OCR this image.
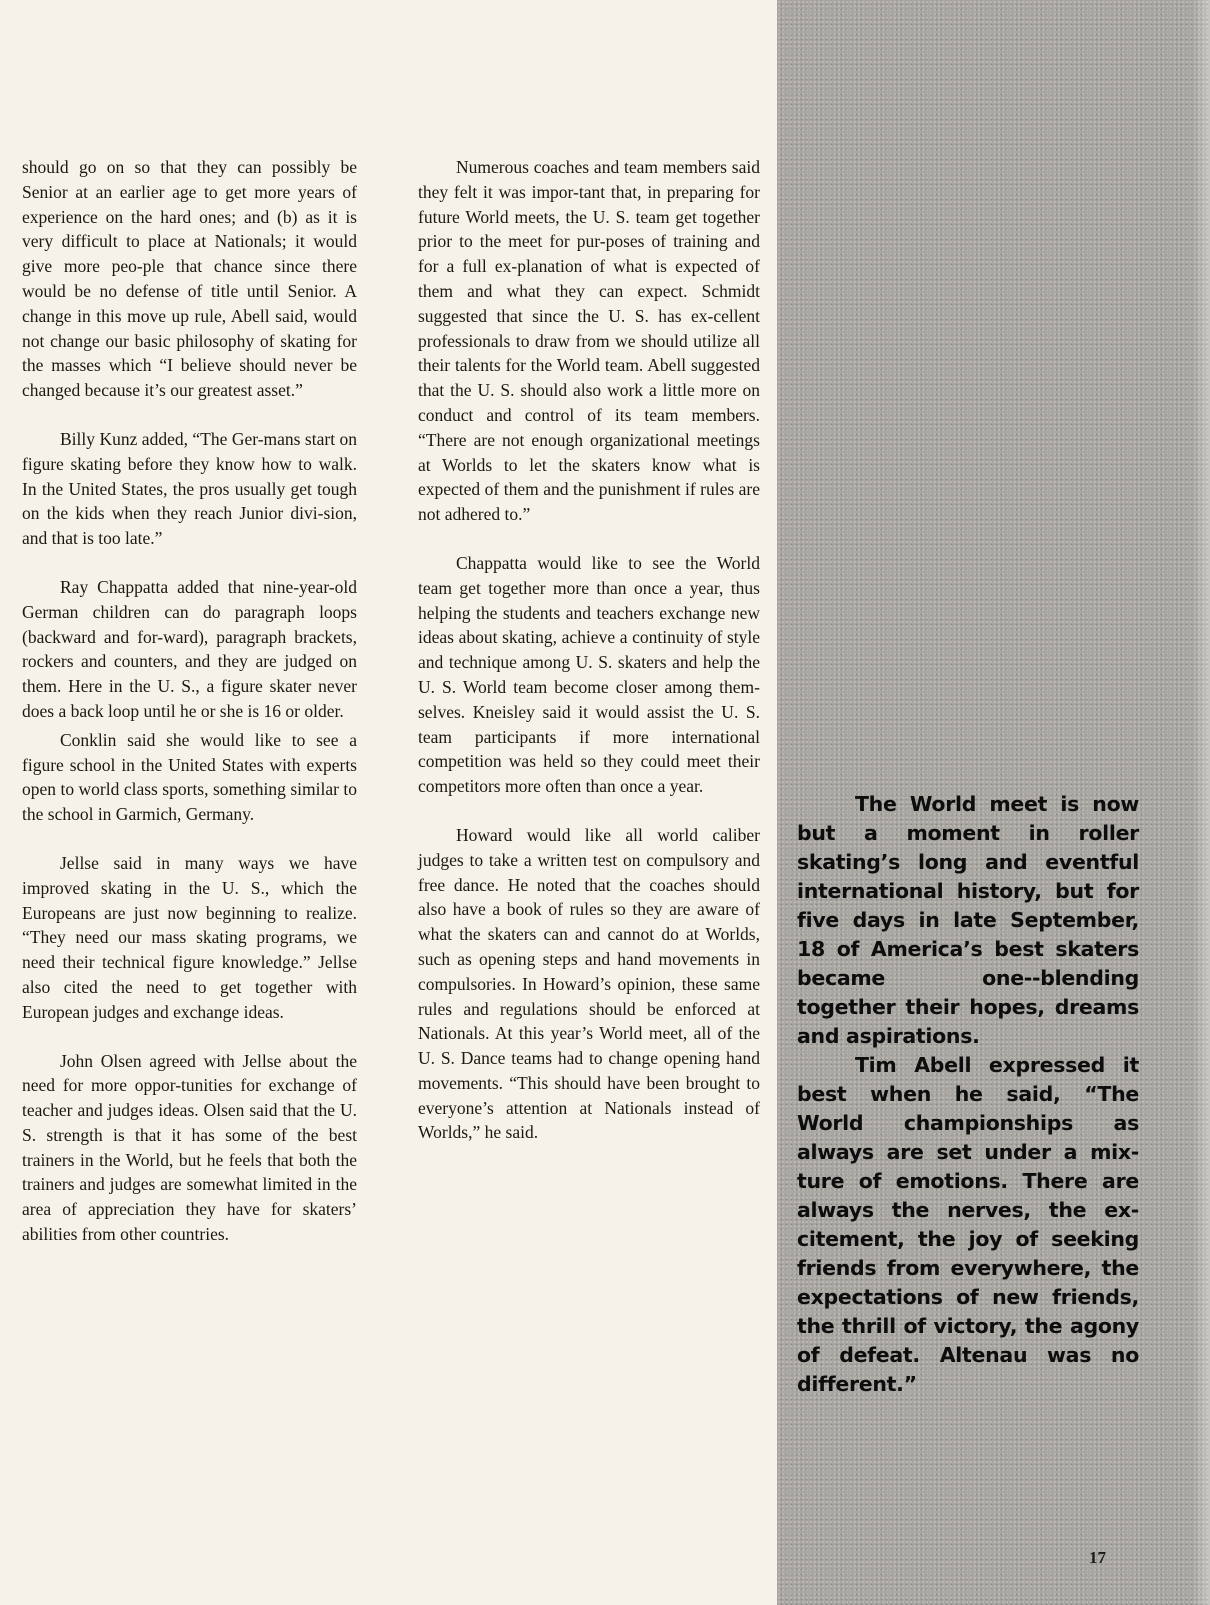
should go on so that they can possibly be Senior at an earlier age to get more years of experience on the hard ones; and (b) as it is very difficult to place at Nationals; it would give more peo-ple that chance since there would be no defense of title until Senior. A change in this move up rule, Abell said, would not change our basic philosophy of skating for the masses which “I believe should never be changed because it’s our greatest asset.”

Billy Kunz added, “The Ger-mans start on figure skating before they know how to walk. In the United States, the pros usually get tough on the kids when they reach Junior divi-sion, and that is too late.”

Ray Chappatta added that nine-year-old German children can do paragraph loops (backward and for-ward), paragraph brackets, rockers and counters, and they are judged on them. Here in the U. S., a figure skater never does a back loop until he or she is 16 or older.

Conklin said she would like to see a figure school in the United States with experts open to world class sports, something similar to the school in Garmich, Germany.

Jellse said in many ways we have improved skating in the U. S., which the Europeans are just now beginning to realize. “They need our mass skating programs, we need their technical figure knowledge.” Jellse also cited the need to get together with European judges and exchange ideas.

John Olsen agreed with Jellse about the need for more oppor-tunities for exchange of teacher and judges ideas. Olsen said that the U. S. strength is that it has some of the best trainers in the World, but he feels that both the trainers and judges are somewhat limited in the area of appreciation they have for skaters’ abilities from other countries.

Numerous coaches and team members said they felt it was impor-tant that, in preparing for future World meets, the U. S. team get together prior to the meet for pur-poses of training and for a full ex-planation of what is expected of them and what they can expect. Schmidt suggested that since the U. S. has ex-cellent professionals to draw from we should utilize all their talents for the World team. Abell suggested that the U. S. should also work a little more on conduct and control of its team members. “There are not enough organizational meetings at Worlds to let the skaters know what is expected of them and the punishment if rules are not adhered to.”

Chappatta would like to see the World team get together more than once a year, thus helping the students and teachers exchange new ideas about skating, achieve a continuity of style and technique among U. S. skaters and help the U. S. World team become closer among them-selves. Kneisley said it would assist the U. S. team participants if more international competition was held so they could meet their competitors more often than once a year.

Howard would like all world caliber judges to take a written test on compulsory and free dance. He noted that the coaches should also have a book of rules so they are aware of what the skaters can and cannot do at Worlds, such as opening steps and hand movements in compulsories. In Howard’s opinion, these same rules and regulations should be enforced at Nationals. At this year’s World meet, all of the U. S. Dance teams had to change opening hand movements. “This should have been brought to everyone’s attention at Nationals instead of Worlds,” he said.

The World meet is now but a moment in roller skating’s long and eventful international history, but for five days in late September, 18 of America’s best skaters became one--blending together their hopes, dreams and aspirations.

Tim Abell expressed it best when he said, “The World championships as always are set under a mix-ture of emotions. There are always the nerves, the ex-citement, the joy of seeking friends from everywhere, the expectations of new friends, the thrill of victory, the agony of defeat. Altenau was no different.”

17
